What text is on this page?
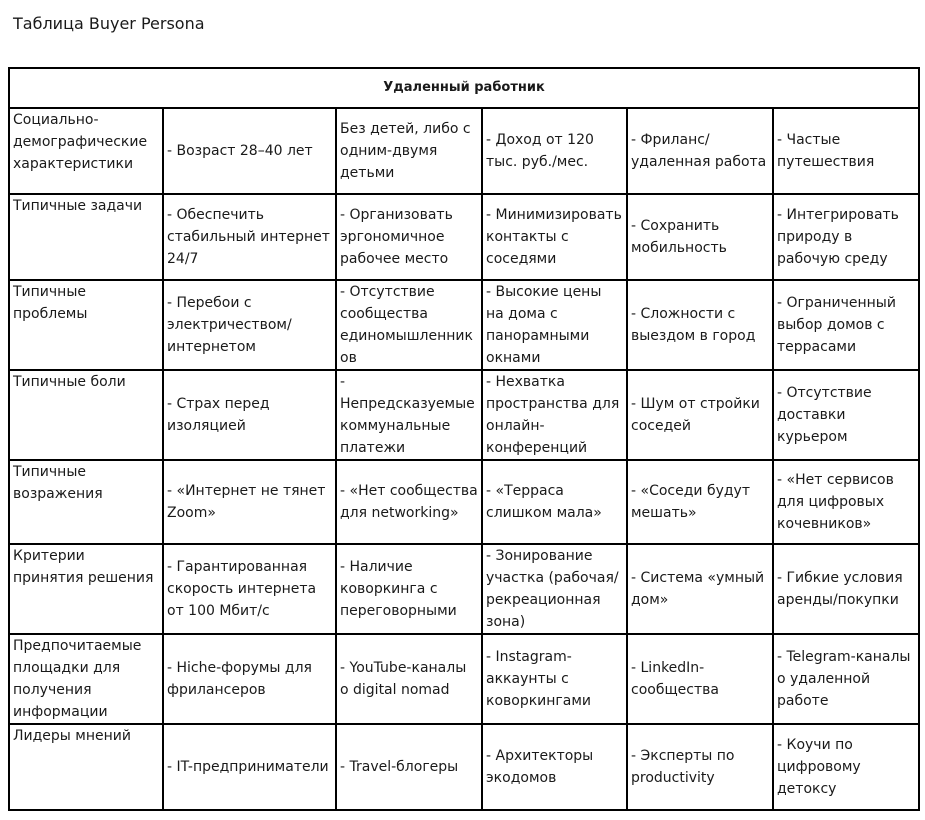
Таблица Buyer Persona
Удаленный работник					
Социально-демографические характеристики	- Возраст 28–40 лет	Без детей, либо с одним-двумя детьми	- Доход от 120 тыс. руб./мес.	- Фриланс/удаленная работа	- Частые путешествия
Типичные задачи	- Обеспечить стабильный интернет 24/7	- Организовать эргономичное рабочее место	- Минимизировать контакты с соседями	- Сохранить мобильность	- Интегрировать природу в рабочую среду
Типичные проблемы	- Перебои с электричеством/интернетом	- Отсутствие сообщества единомышленников	- Высокие цены на дома с панорамными окнами	- Сложности с выездом в город	- Ограниченный выбор домов с террасами
Типичные боли	- Страх перед изоляцией	- Непредсказуемые коммунальные платежи	- Нехватка пространства для онлайн-конференций	- Шум от стройки соседей	- Отсутствие доставки курьером
Типичные возражения	- «Интернет не тянет Zoom»	- «Нет сообщества для networking»	- «Терраса слишком мала»	- «Соседи будут мешать»	- «Нет сервисов для цифровых кочевников»
Критерии принятия решения	- Гарантированная скорость интернета от 100 Мбит/с	- Наличие коворкинга с переговорными	- Зонирование участка (рабочая/рекреационная зона)	- Система «умный дом»	- Гибкие условия аренды/покупки
Предпочитаемые площадки для получения информации	- Hiche-форумы для фрилансеров	- YouTube-каналы о digital nomad	- Instagram-аккаунты с коворкингами	- LinkedIn-сообщества	- Telegram-каналы о удаленной работе
Лидеры мнений	- IT-предприниматели	- Travel-блогеры	- Архитекторы экодомов	- Эксперты по productivity	- Коучи по цифровому детоксу
